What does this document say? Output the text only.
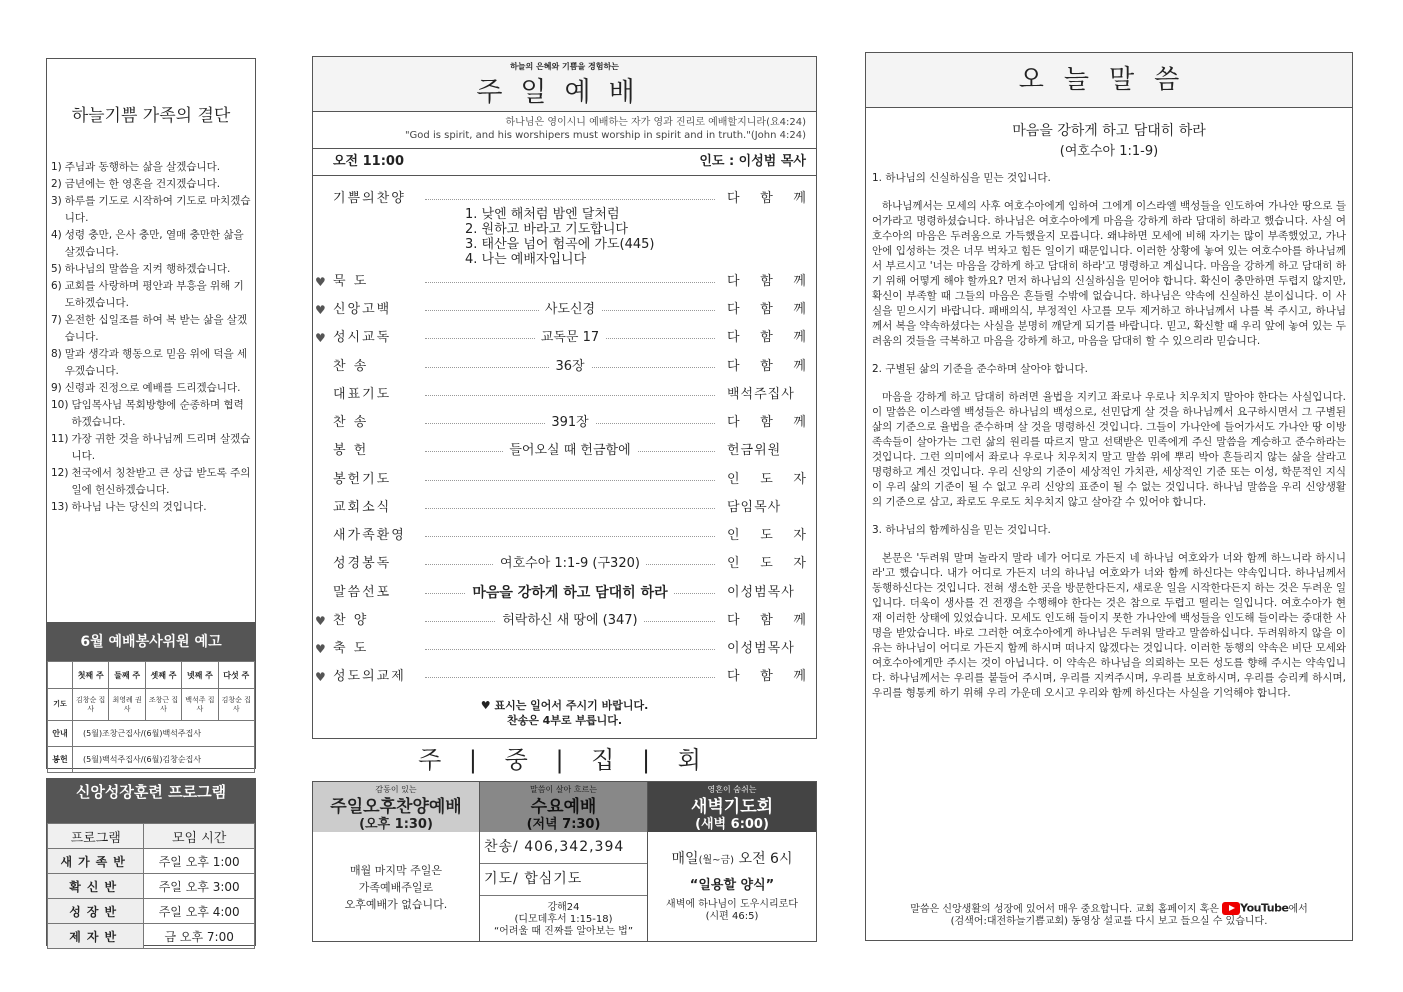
하늘기쁨 가족의 결단
1) 주님과 동행하는 삶을 살겠습니다.
2) 금년에는 한 영혼을 건지겠습니다.
3) 하루를 기도로 시작하여 기도로 마치겠습니다.
4) 성령 충만, 은사 충만, 열매 충만한 삶을 살겠습니다.
5) 하나님의 말씀을 지켜 행하겠습니다.
6) 교회를 사랑하며 평안과 부흥을 위해 기도하겠습니다.
7) 온전한 십일조를 하여 복 받는 삶을 살겠습니다.
8) 말과 생각과 행동으로 믿음 위에 덕을 세우겠습니다.
9) 신령과 진정으로 예배를 드리겠습니다.
10) 담임목사님 목회방향에 순종하며 협력하겠습니다.
11) 가장 귀한 것을 하나님께 드리며 살겠습니다.
12) 천국에서 칭찬받고 큰 상급 받도록 주의 일에 헌신하겠습니다.
13) 하나님 나는 당신의 것입니다.
6월 예배봉사위원 예고
	첫째 주	둘째 주	셋째 주	넷째 주	다섯 주
기도	김창순 집사	최영례 권사	조창근 집사	백석주 집사	김창순 집사
안내	(5월)조창근집사/(6월)백석주집사				
봉헌	(5월)백석주집사/(6월)김창순집사				
신앙성장훈련 프로그램
프로그램	모임 시간
새가족반	주일 오후 1:00
확신반	주일 오후 3:00
성장반	주일 오후 4:00
제자반	금 오후 7:00
하늘의 은혜와 기쁨을 경험하는
주일예배
하나님은 영이시니 예배하는 자가 영과 진리로 예배할지니라(요4:24)
"God is spirit, and his worshipers must worship in spirit and in truth."(John 4:24)
오전 11:00	인도 : 이성범 목사
기쁨의찬양	다 함 께
♥ 묵 도	다 함 께
♥ 신앙고백	사도신경	다 함 께
♥ 성시교독	교독문 17	다 함 께
찬 송	36장	다 함 께
대표기도	백석주집사
찬 송	391장	다 함 께
봉 헌	들어오실 때 헌금함에	헌금위원
봉헌기도	인 도 자
교회소식	담임목사
새가족환영	인 도 자
성경봉독	여호수아 1:1-9 (구320)	인 도 자
말씀선포	마음을 강하게 하고 담대히 하라	이성범목사
♥ 찬 양	허락하신 새 땅에 (347)	다 함 께
♥ 축 도	이성범목사
♥ 성도의교제	다 함 께
1. 낮엔 해처럼 밤엔 달처럼
2. 원하고 바라고 기도합니다
3. 태산을 넘어 험곡에 가도(445)
4. 나는 예배자입니다
♥ 표시는 일어서 주시기 바랍니다.
찬송은 4부로 부릅니다.
주 | 중 | 집 | 회
감동이 있는
주일오후찬양예배
(오후 1:30)
매월 마지막 주일은
가족예배주일로
오후예배가 없습니다.
말씀이 살아 흐르는
수요예배
(저녁 7:30)
찬송/ 406,342,394
기도/ 합심기도
강해24
(디모데후서 1:15-18)
“어려울 때 진짜를 알아보는 법”
영혼이 숨쉬는
새벽기도회
(새벽 6:00)
매일(월~금) 오전 6시
“일용할 양식”
새벽에 하나님이 도우시리로다
(시편 46:5)
오늘말씀
마음을 강하게 하고 담대히 하라
(여호수아 1:1-9)

1. 하나님의 신실하심을 믿는 것입니다.

하나님께서는 모세의 사후 여호수아에게 임하여 그에게 이스라엘 백성들을 인도하여 가나안 땅으로 들어가라고 명령하셨습니다. 하나님은 여호수아에게 마음을 강하게 하라 담대히 하라고 했습니다. 사실 여호수아의 마음은 두려움으로 가득했을지 모릅니다. 왜냐하면 모세에 비해 자기는 많이 부족했었고, 가나안에 입성하는 것은 너무 벅차고 힘든 일이기 때문입니다. 이러한 상황에 놓여 있는 여호수아를 하나님께서 부르시고 '너는 마음을 강하게 하고 담대히 하라'고 명령하고 계십니다. 마음을 강하게 하고 담대히 하기 위해 어떻게 해야 할까요? 먼저 하나님의 신실하심을 믿어야 합니다. 확신이 충만하면 두렵지 않지만, 확신이 부족할 때 그들의 마음은 흔들릴 수밖에 없습니다. 하나님은 약속에 신실하신 분이십니다. 이 사실을 믿으시기 바랍니다. 패배의식, 부정적인 사고를 모두 제거하고 하나님께서 나를 복 주시고, 하나님께서 복을 약속하셨다는 사실을 분명히 깨닫게 되기를 바랍니다. 믿고, 확신할 때 우리 앞에 놓여 있는 두려움의 것들을 극복하고 마음을 강하게 하고, 마음을 담대히 할 수 있으리라 믿습니다.

2. 구별된 삶의 기준을 준수하며 살아야 합니다.

마음을 강하게 하고 담대히 하려면 율법을 지키고 좌로나 우로나 치우치지 말아야 한다는 사실입니다. 이 말씀은 이스라엘 백성들은 하나님의 백성으로, 선민답게 살 것을 하나님께서 요구하시면서 그 구별된 삶의 기준으로 율법을 준수하며 살 것을 명령하신 것입니다. 그들이 가나안에 들어가서도 가나안 땅 이방 족속들이 살아가는 그런 삶의 원리를 따르지 말고 선택받은 민족에게 주신 말씀을 계승하고 준수하라는 것입니다. 그런 의미에서 좌로나 우로나 치우치지 말고 말씀 위에 뿌리 박아 흔들리지 않는 삶을 살라고 명령하고 계신 것입니다. 우리 신앙의 기준이 세상적인 가치관, 세상적인 기준 또는 이성, 학문적인 지식이 우리 삶의 기준이 될 수 없고 우리 신앙의 표준이 될 수 없는 것입니다. 하나님 말씀을 우리 신앙생활의 기준으로 삼고, 좌로도 우로도 치우치지 않고 살아갈 수 있어야 합니다.

3. 하나님의 함께하심을 믿는 것입니다.

본문은 '두려워 말며 놀라지 말라 네가 어디로 가든지 네 하나님 여호와가 너와 함께 하느니라 하시니라'고 했습니다. 내가 어디로 가든지 너의 하나님 여호와가 너와 함께 하신다는 약속입니다. 하나님께서 동행하신다는 것입니다. 전혀 생소한 곳을 방문한다든지, 새로운 일을 시작한다든지 하는 것은 두려운 일입니다. 더욱이 생사를 건 전쟁을 수행해야 한다는 것은 참으로 두렵고 떨리는 일입니다. 여호수아가 현재 이러한 상태에 있었습니다. 모세도 인도해 들이지 못한 가나안에 백성들을 인도해 들이라는 중대한 사명을 받았습니다. 바로 그러한 여호수아에게 하나님은 두려워 말라고 말씀하십니다. 두려워하지 않을 이유는 하나님이 어디로 가든지 함께 하시며 떠나지 않겠다는 것입니다. 이러한 동행의 약속은 비단 모세와 여호수아에게만 주시는 것이 아닙니다. 이 약속은 하나님을 의뢰하는 모든 성도를 향해 주시는 약속입니다. 하나님께서는 우리를 붙들어 주시며, 우리를 지켜주시며, 우리를 보호하시며, 우리를 승리케 하시며, 우리를 형통케 하기 위해 우리 가운데 오시고 우리와 함께 하신다는 사실을 기억해야 합니다.

말씀은 신앙생활의 성장에 있어서 매우 중요합니다. 교회 홈페이지 혹은 YouTube에서
(검색어:대전하늘기쁨교회) 동영상 설교를 다시 보고 들으실 수 있습니다.
